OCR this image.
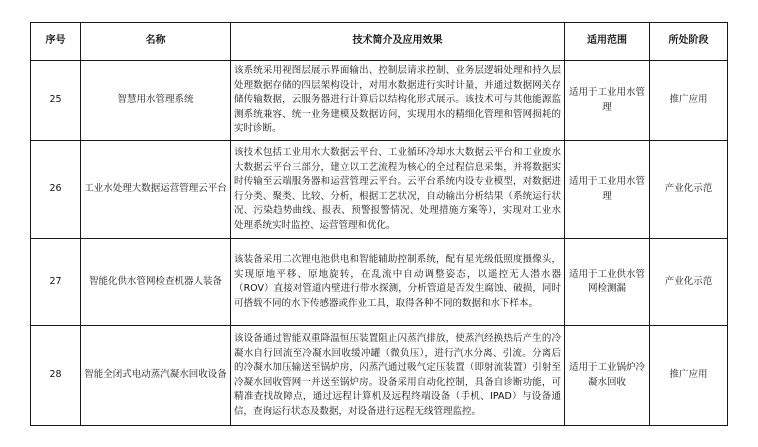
序号	名称	技术简介及应用效果	适用范围	所处阶段
25	智慧用水管理系统	该系统采用视图层展示界面输出、控制层请求控制、业务层逻辑处理和持久层处理数据存储的四层架构设计，对用水数据进行实时计量，并通过数据网关存储传输数据，云服务器进行计算后以结构化形式展示。该技术可与其他能源监测系统兼容、统一业务建模及数据访问，实现用水的精细化管理和管网损耗的实时诊断。	适用于工业用水管理	推广应用
26	工业水处理大数据运营管理云平台	该技术包括工业用水大数据云平台、工业循环冷却水大数据云平台和工业废水大数据云平台三部分，建立以工艺流程为核心的全过程信息采集，并将数据实时传输至云端服务器和运营管理云平台。云平台系统内设专业模型，对数据进行分类、聚类、比较、分析，根据工艺状况，自动输出分析结果（系统运行状况、污染趋势曲线、报表、预警报警情况、处理措施方案等），实现对工业水处理系统实时监控、运营管理和优化。	适用于工业用水管理	产业化示范
27	智能化供水管网检查机器人装备	该装备采用二次锂电池供电和智能辅助控制系统，配有星光级低照度摄像头，实现原地平移、原地旋转，在乱流中自动调整姿态，以遥控无人潜水器（ROV）直接对管道内壁进行带水探测，分析管道是否发生腐蚀、破损，同时可搭载不同的水下传感器或作业工具，取得各种不同的数据和水下样本。	适用于工业供水管网检测漏	产业化示范
28	智能全闭式电动蒸汽凝水回收设备	该设备通过智能双重降温恒压装置阻止闪蒸汽排放，使蒸汽经换热后产生的冷凝水自行回流至冷凝水回收缓冲罐（微负压），进行汽水分离、引流。分离后的冷凝水加压输送至锅炉房，闪蒸汽通过吸气定压装置（即射流装置）引射至冷凝水回收管网一并送至锅炉房。设备采用自动化控制，具备自诊断功能，可精准查找故障点，通过远程计算机及远程终端设备（手机、IPAD）与设备通信，查询运行状态及数据，对设备进行远程无线管理监控。	适用于工业锅炉冷凝水回收	推广应用
